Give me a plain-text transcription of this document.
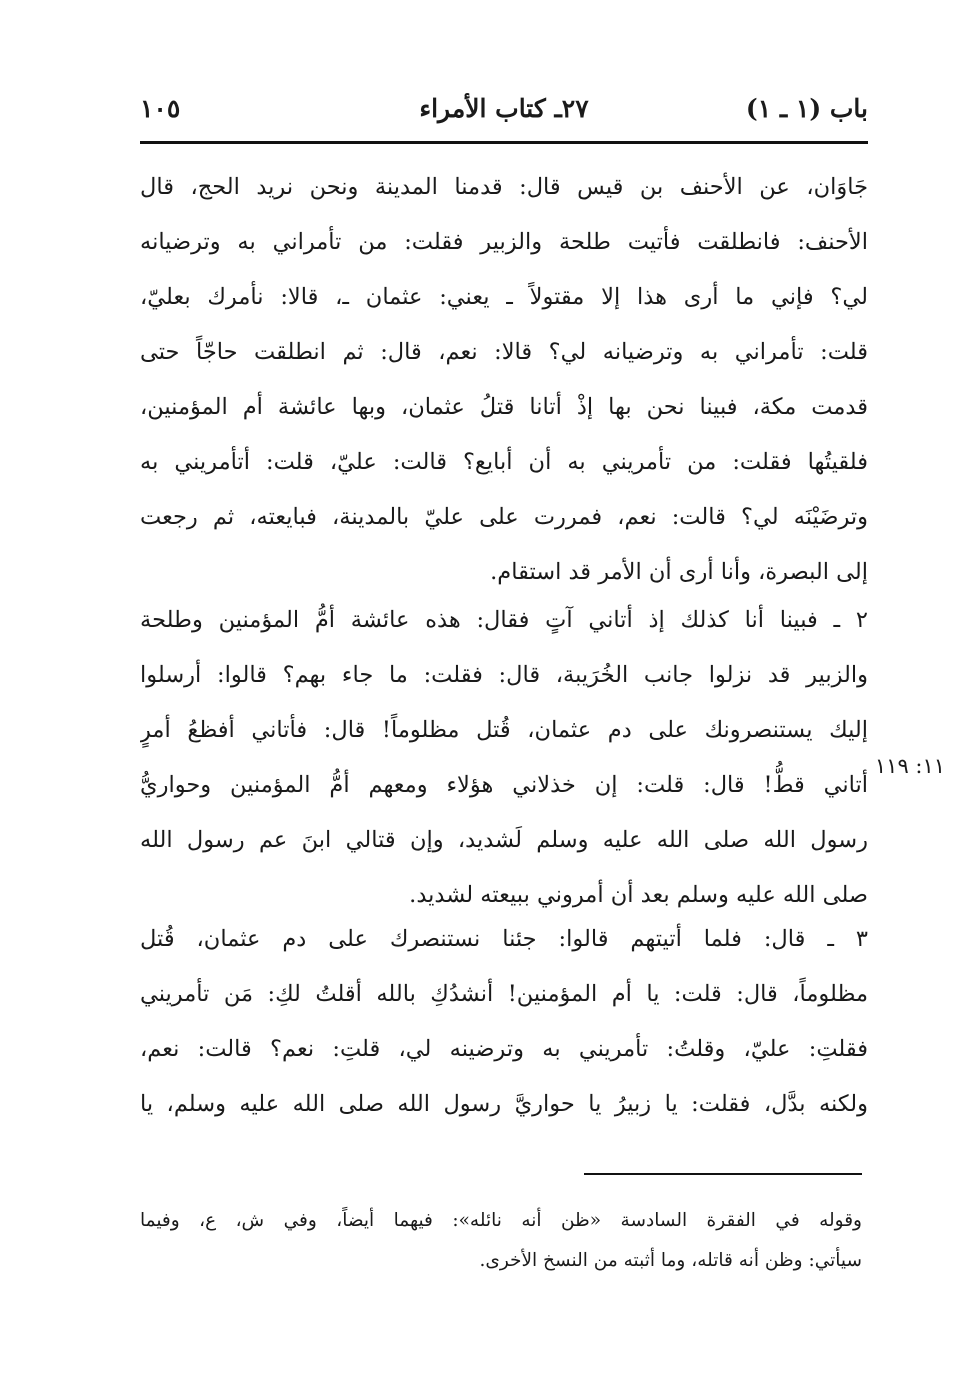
باب (١ ـ ١)
٢٧ـ كتاب الأمراء
١٠٥
جَاوَان، عن الأحنف بن قيس قال: قدمنا المدينة ونحن نريد الحج، قال
الأحنف: فانطلقت فأتيت طلحة والزبير فقلت: من تأمراني به وترضيانه
لي؟ فإني ما أرى هذا إلا مقتولاً ـ يعني: عثمان ـ، قالا: نأمرك بعليّ،
قلت: تأمراني به وترضيانه لي؟ قالا: نعم، قال: ثم انطلقت حاجّاً حتى
قدمت مكة، فبينا نحن بها إذْ أتانا قتلُ عثمان، وبها عائشة أم المؤمنين،
فلقيتُها فقلت: من تأمريني به أن أبايع؟ قالت: عليّ، قلت: أتأمريني به
وترضَيْنَه لي؟ قالت: نعم، فمررت على عليّ بالمدينة، فبايعته، ثم رجعت
إلى البصرة، وأنا أرى أن الأمر قد استقام.
٢ ـ فبينا أنا كذلك إذ أتاني آتٍ فقال: هذه عائشة أمُّ المؤمنين وطلحة
والزبير قد نزلوا جانب الخُرَيبة، قال: فقلت: ما جاء بهم؟ قالوا: أرسلوا
إليك يستنصرونك على دم عثمان، قُتل مظلوماً! قال: فأتاني أفظعُ أمرٍ
أتاني قطُّ! قال: قلت: إن خذلاني هؤلاء ومعهم أمُّ المؤمنين وحواريُّ
رسول الله صلى الله عليه وسلم لَشديد، وإن قتالي ابنَ عم رسول الله
صلى الله عليه وسلم بعد أن أمروني ببيعته لشديد.
١١: ١١٩
٣ ـ قال: فلما أتيتهم قالوا: جئنا نستنصرك على دم عثمان، قُتل
مظلوماً، قال: قلت: يا أم المؤمنين! أنشدُكِ بالله أقلتُ لكِ: مَن تأمريني
فقلتِ: عليّ، وقلتُ: تأمريني به وترضينه لي، قلتِ: نعم؟ قالت: نعم،
ولكنه بدَّل، فقلت: يا زبيرُ يا حواريَّ رسول الله صلى الله عليه وسلم، يا
وقوله في الفقرة السادسة «ظن أنه نائله»: فيهما أيضاً، وفي ش، ع، وفيما
سيأتي: وظن أنه قاتله، وما أثبته من النسخ الأخرى.
